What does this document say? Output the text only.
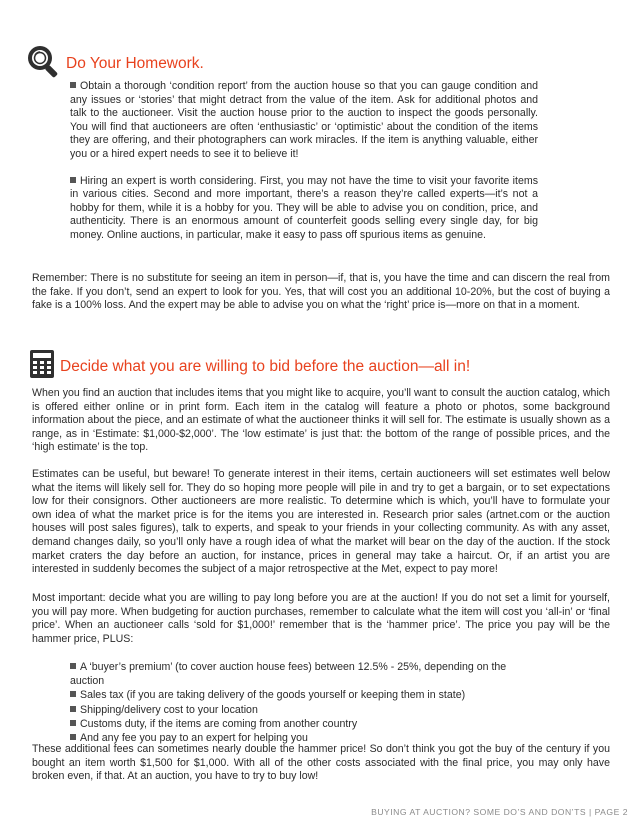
Do Your Homework.
Obtain a thorough ‘condition report’ from the auction house so that you can gauge condition and any issues or ‘stories’ that might detract from the value of the item. Ask for additional photos and talk to the auctioneer. Visit the auction house prior to the auction to inspect the goods personally. You will find that auctioneers are often ‘enthusiastic’ or ‘optimistic’ about the condition of the items they are offering, and their photographers can work miracles. If the item is anything valuable, either you or a hired expert needs to see it to believe it!
Hiring an expert is worth considering. First, you may not have the time to visit your favorite items in various cities. Second and more important, there’s a reason they’re called experts—it’s not a hobby for them, while it is a hobby for you. They will be able to advise you on condition, price, and authenticity. There is an enormous amount of counterfeit goods selling every single day, for big money. Online auctions, in particular, make it easy to pass off spurious items as genuine.

Remember: There is no substitute for seeing an item in person—if, that is, you have the time and can discern the real from the fake. If you don’t, send an expert to look for you. Yes, that will cost you an additional 10-20%, but the cost of buying a fake is a 100% loss. And the expert may be able to advise you on what the ‘right’ price is—more on that in a moment.

Decide what you are willing to bid before the auction—all in!

When you find an auction that includes items that you might like to acquire, you’ll want to consult the auction catalog, which is offered either online or in print form. Each item in the catalog will feature a photo or photos, some background information about the piece, and an estimate of what the auctioneer thinks it will sell for. The estimate is usually shown as a range, as in ‘Estimate: $1,000-$2,000’. The ‘low estimate’ is just that: the bottom of the range of possible prices, and the ‘high estimate’ is the top.

Estimates can be useful, but beware! To generate interest in their items, certain auctioneers will set estimates well below what the items will likely sell for. They do so hoping more people will pile in and try to get a bargain, or to set expectations low for their consignors. Other auctioneers are more realistic. To determine which is which, you’ll have to formulate your own idea of what the market price is for the items you are interested in. Research prior sales (artnet.com or the auction houses will post sales figures), talk to experts, and speak to your friends in your collecting community. As with any asset, demand changes daily, so you’ll only have a rough idea of what the market will bear on the day of the auction. If the stock market craters the day before an auction, for instance, prices in general may take a haircut. Or, if an artist you are interested in suddenly becomes the subject of a major retrospective at the Met, expect to pay more!

Most important: decide what you are willing to pay long before you are at the auction! If you do not set a limit for yourself, you will pay more. When budgeting for auction purchases, remember to calculate what the item will cost you ‘all-in’ or ‘final price’. When an auctioneer calls ‘sold for $1,000!’ remember that is the ‘hammer price’. The price you pay will be the hammer price, PLUS:

A ‘buyer’s premium’ (to cover auction house fees) between 12.5% - 25%, depending on the auction
Sales tax (if you are taking delivery of the goods yourself or keeping them in state)
Shipping/delivery cost to your location
Customs duty, if the items are coming from another country
And any fee you pay to an expert for helping you

These additional fees can sometimes nearly double the hammer price! So don’t think you got the buy of the century if you bought an item worth $1,500 for $1,000. With all of the other costs associated with the final price, you may only have broken even, if that. At an auction, you have to try to buy low!

BUYING AT AUCTION? SOME DO’S AND DON’TS | PAGE 2
